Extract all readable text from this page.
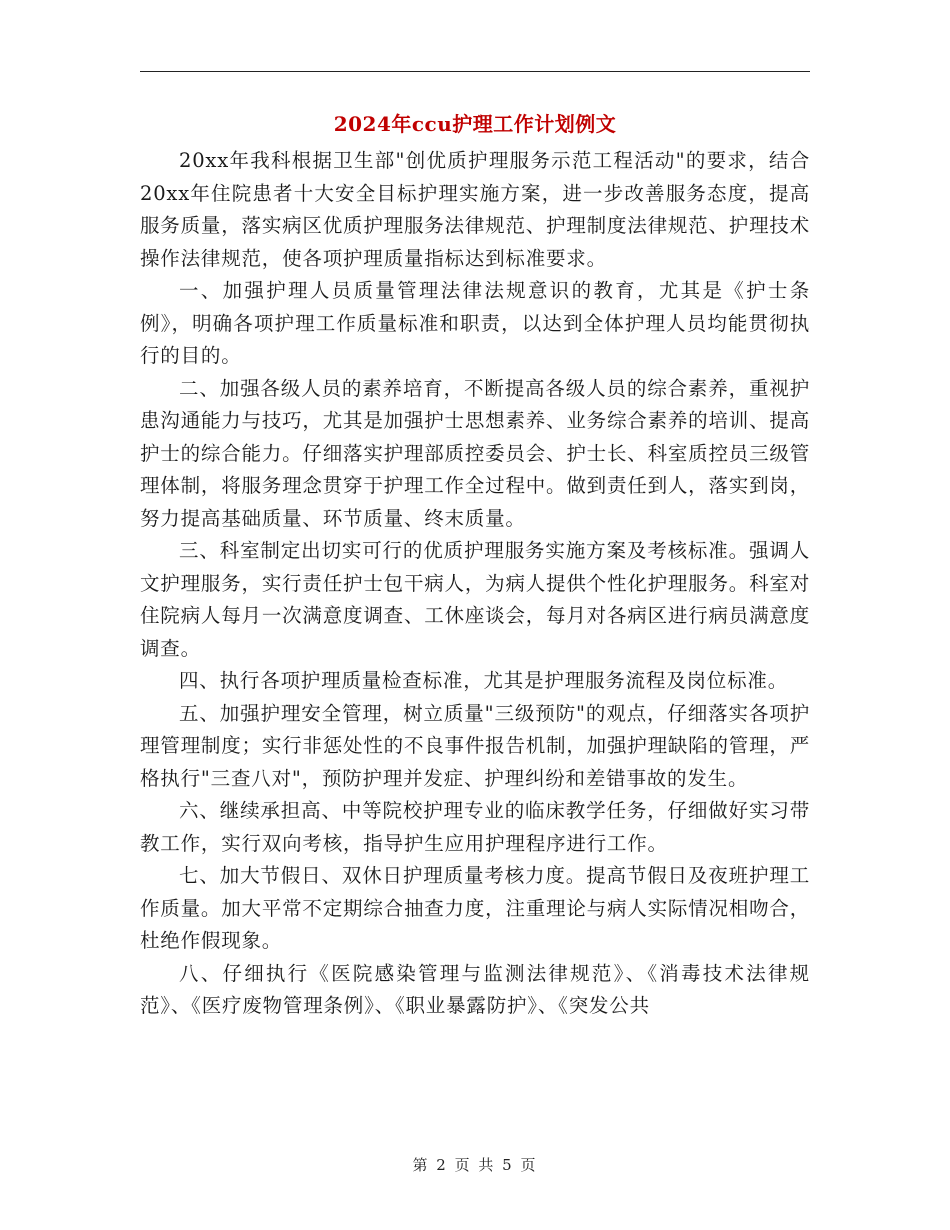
2024年ccu护理工作计划例文

20xx年我科根据卫生部"创优质护理服务示范工程活动"的要求，结合20xx年住院患者十大安全目标护理实施方案，进一步改善服务态度，提高服务质量，落实病区优质护理服务法律规范、护理制度法律规范、护理技术操作法律规范，使各项护理质量指标达到标准要求。

一、加强护理人员质量管理法律法规意识的教育，尤其是《护士条例》，明确各项护理工作质量标准和职责，以达到全体护理人员均能贯彻执行的目的。

二、加强各级人员的素养培育，不断提高各级人员的综合素养，重视护患沟通能力与技巧，尤其是加强护士思想素养、业务综合素养的培训、提高护士的综合能力。仔细落实护理部质控委员会、护士长、科室质控员三级管理体制，将服务理念贯穿于护理工作全过程中。做到责任到人，落实到岗，努力提高基础质量、环节质量、终末质量。

三、科室制定出切实可行的优质护理服务实施方案及考核标准。强调人文护理服务，实行责任护士包干病人，为病人提供个性化护理服务。科室对住院病人每月一次满意度调查、工休座谈会，每月对各病区进行病员满意度调查。

四、执行各项护理质量检查标准，尤其是护理服务流程及岗位标准。

五、加强护理安全管理，树立质量"三级预防"的观点，仔细落实各项护理管理制度；实行非惩处性的不良事件报告机制，加强护理缺陷的管理，严格执行"三查八对"，预防护理并发症、护理纠纷和差错事故的发生。

六、继续承担高、中等院校护理专业的临床教学任务，仔细做好实习带教工作，实行双向考核，指导护生应用护理程序进行工作。

七、加大节假日、双休日护理质量考核力度。提高节假日及夜班护理工作质量。加大平常不定期综合抽查力度，注重理论与病人实际情况相吻合，杜绝作假现象。

八、仔细执行《医院感染管理与监测法律规范》、《消毒技术法律规范》、《医疗废物管理条例》、《职业暴露防护》、《突发公共

第 2 页 共 5 页
